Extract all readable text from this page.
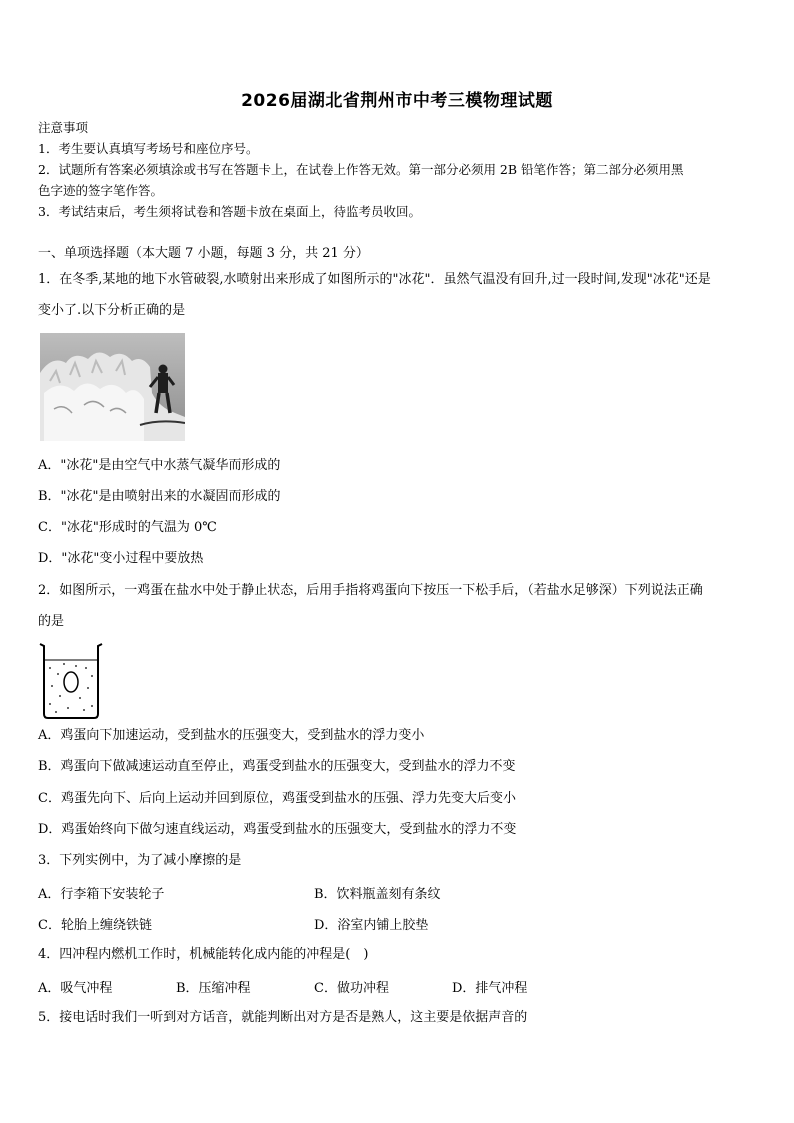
2026届湖北省荆州市中考三模物理试题
注意事项
1．考生要认真填写考场号和座位序号。
2．试题所有答案必须填涂或书写在答题卡上，在试卷上作答无效。第一部分必须用 2B 铅笔作答；第二部分必须用黑
色字迹的签字笔作答。
3．考试结束后，考生须将试卷和答题卡放在桌面上，待监考员收回。
一、单项选择题（本大题 7 小题，每题 3 分，共 21 分）
1．在冬季,某地的地下水管破裂,水喷射出来形成了如图所示的"冰花"．虽然气温没有回升,过一段时间,发现"冰花"还是
变小了.以下分析正确的是
A．"冰花"是由空气中水蒸气凝华而形成的
B．"冰花"是由喷射出来的水凝固而形成的
C．"冰花"形成时的气温为 0℃
D．"冰花"变小过程中要放热
2．如图所示，一鸡蛋在盐水中处于静止状态，后用手指将鸡蛋向下按压一下松手后，（若盐水足够深）下列说法正确
的是
A．鸡蛋向下加速运动，受到盐水的压强变大，受到盐水的浮力变小
B．鸡蛋向下做减速运动直至停止，鸡蛋受到盐水的压强变大，受到盐水的浮力不变
C．鸡蛋先向下、后向上运动并回到原位，鸡蛋受到盐水的压强、浮力先变大后变小
D．鸡蛋始终向下做匀速直线运动，鸡蛋受到盐水的压强变大，受到盐水的浮力不变
3．下列实例中，为了减小摩擦的是
A．行李箱下安装轮子	B．饮料瓶盖刻有条纹
C．轮胎上缠绕铁链	D．浴室内铺上胶垫
4．四冲程内燃机工作时，机械能转化成内能的冲程是(　)
A．吸气冲程	B．压缩冲程	C．做功冲程	D．排气冲程
5．接电话时我们一听到对方话音，就能判断出对方是否是熟人，这主要是依据声音的
